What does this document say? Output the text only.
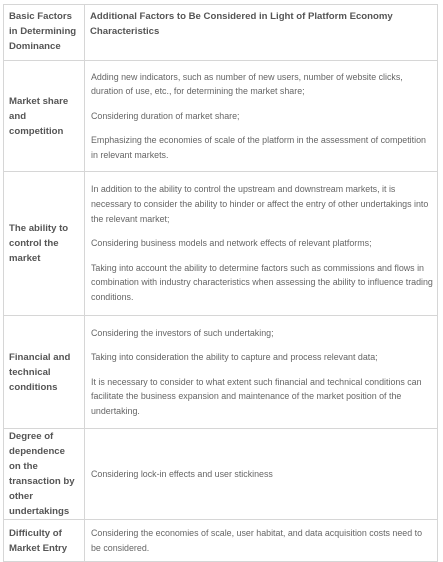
Basic Factors in Determining Dominance	Additional Factors to Be Considered in Light of Platform Economy Characteristics
Market share and competition	Adding new indicators, such as number of new users, number of website clicks, duration of use, etc., for determining the market share;

Considering duration of market share;

Emphasizing the economies of scale of the platform in the assessment of competition in relevant markets.

The ability to control the market	In addition to the ability to control the upstream and downstream markets, it is necessary to consider the ability to hinder or affect the entry of other undertakings into the relevant market;

Considering business models and network effects of relevant platforms;

Taking into account the ability to determine factors such as commissions and flows in combination with industry characteristics when assessing the ability to influence trading conditions.

Financial and technical conditions	Considering the investors of such undertaking;

Taking into consideration the ability to capture and process relevant data;

It is necessary to consider to what extent such financial and technical conditions can facilitate the business expansion and maintenance of the market position of the undertaking.

Degree of dependence on the transaction by other undertakings	Considering lock-in effects and user stickiness

Difficulty of Market Entry	Considering the economies of scale, user habitat, and data acquisition costs need to be considered.
